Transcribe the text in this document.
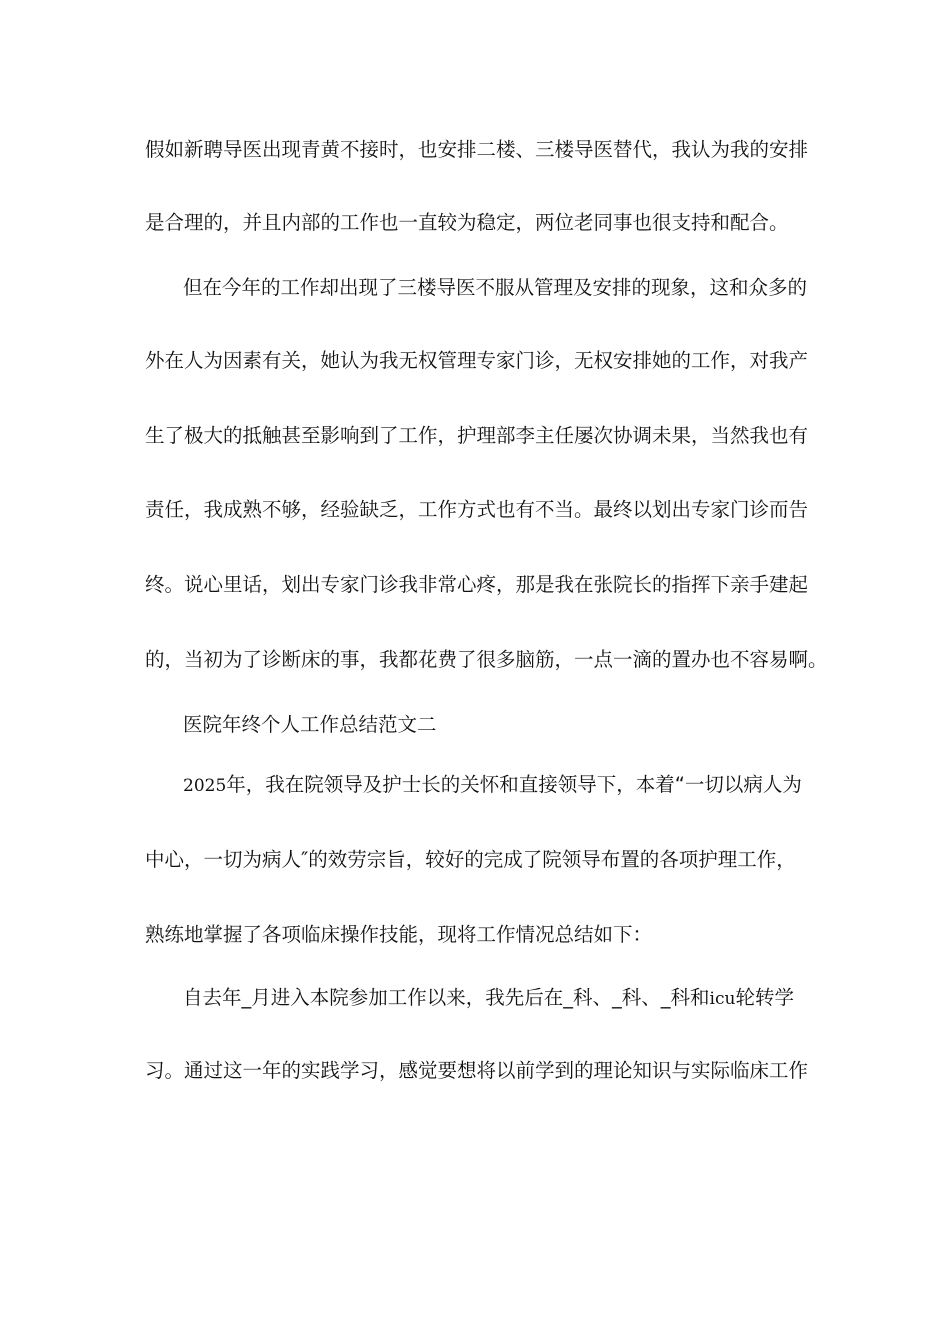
假如新聘导医出现青黄不接时，也安排二楼、三楼导医替代，我认为我的安排
是合理的，并且内部的工作也一直较为稳定，两位老同事也很支持和配合。
但在今年的工作却出现了三楼导医不服从管理及安排的现象，这和众多的
外在人为因素有关，她认为我无权管理专家门诊，无权安排她的工作，对我产
生了极大的抵触甚至影响到了工作，护理部李主任屡次协调未果，当然我也有
责任，我成熟不够，经验缺乏，工作方式也有不当。最终以划出专家门诊而告
终。说心里话，划出专家门诊我非常心疼，那是我在张院长的指挥下亲手建起
的，当初为了诊断床的事，我都花费了很多脑筋，一点一滴的置办也不容易啊。
医院年终个人工作总结范文二
2025年，我在院领导及护士长的关怀和直接领导下，本着“一切以病人为
中心，一切为病人″的效劳宗旨，较好的完成了院领导布置的各项护理工作，
熟练地掌握了各项临床操作技能，现将工作情况总结如下：
自去年_月进入本院参加工作以来，我先后在_科、_科、_科和icu轮转学
习。通过这一年的实践学习，感觉要想将以前学到的理论知识与实际临床工作
